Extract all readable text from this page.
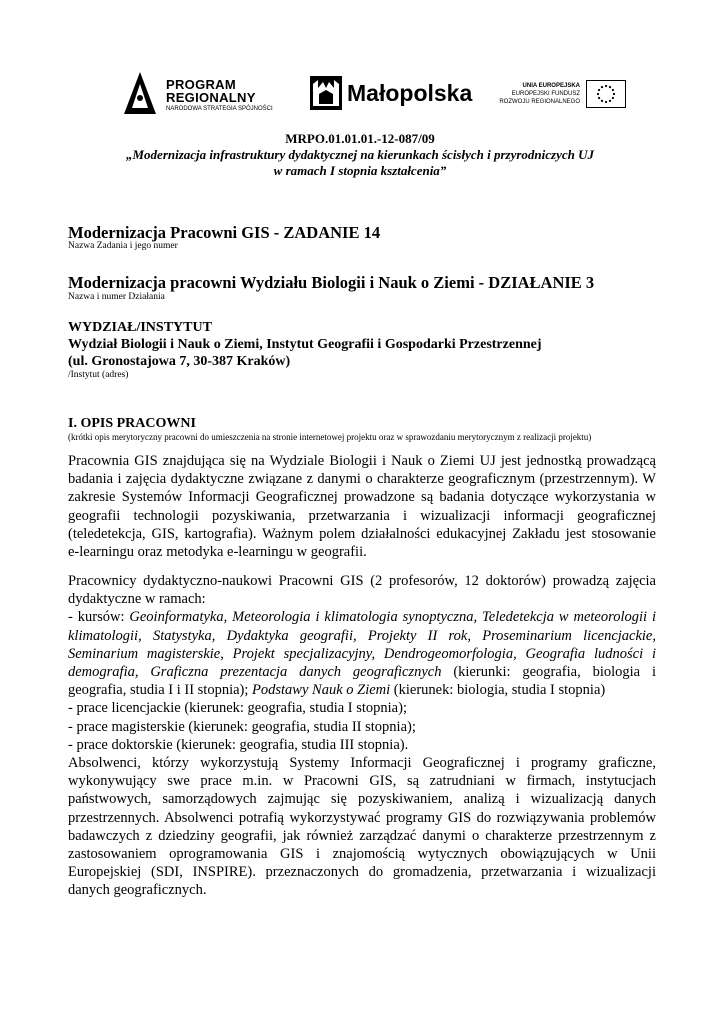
PROGRAM
REGIONALNY
NARODOWA STRATEGIA SPÓJNOŚCI
Małopolska	UNIA EUROPEJSKA
EUROPEJSKI FUNDUSZ
ROZWOJU REGIONALNEGO
MRPO.01.01.01.-12-087/09
„Modernizacja infrastruktury dydaktycznej na kierunkach ścisłych i przyrodniczych UJ
w ramach I stopnia kształcenia”
Modernizacja Pracowni GIS - ZADANIE 14
Nazwa Zadania i jego numer
Modernizacja pracowni Wydziału Biologii i Nauk o Ziemi - DZIAŁANIE 3
Nazwa i numer Działania
WYDZIAŁ/INSTYTUT
Wydział Biologii i Nauk o Ziemi, Instytut Geografii i Gospodarki Przestrzennej
(ul. Gronostajowa 7, 30-387 Kraków)
/Instytut (adres)
I. OPIS PRACOWNI
(krótki opis merytoryczny pracowni do umieszczenia na stronie internetowej projektu oraz w sprawozdaniu merytorycznym z realizacji projektu)
Pracownia GIS znajdująca się na Wydziale Biologii i Nauk o Ziemi UJ jest jednostką prowadzącą
badania i zajęcia dydaktyczne związane z danymi o charakterze geograficznym (przestrzennym). W
zakresie Systemów Informacji Geograficznej prowadzone są badania dotyczące wykorzystania w
geografii technologii pozyskiwania, przetwarzania i wizualizacji informacji geograficznej
(teledetekcja, GIS, kartografia). Ważnym polem działalności edukacyjnej Zakładu jest stosowanie
e-learningu oraz metodyka e-learningu w geografii.
Pracownicy dydaktyczno-naukowi Pracowni GIS (2 profesorów, 12 doktorów) prowadzą zajęcia
dydaktyczne w ramach:
- kursów: Geoinformatyka, Meteorologia i klimatologia synoptyczna, Teledetekcja w meteorologii i
klimatologii, Statystyka, Dydaktyka geografii, Projekty II rok, Proseminarium licencjackie,
Seminarium magisterskie, Projekt specjalizacyjny, Dendrogeomorfologia, Geografia ludności i
demografia, Graficzna prezentacja danych geograficznych (kierunki: geografia, biologia i
geografia, studia I i II stopnia); Podstawy Nauk o Ziemi (kierunek: biologia, studia I stopnia)
- prace licencjackie (kierunek: geografia, studia I stopnia);
- prace magisterskie (kierunek: geografia, studia II stopnia);
- prace doktorskie (kierunek: geografia, studia III stopnia).
Absolwenci, którzy wykorzystują Systemy Informacji Geograficznej i programy graficzne,
wykonywujący swe prace m.in. w Pracowni GIS, są zatrudniani w firmach, instytucjach
państwowych, samorządowych zajmując się pozyskiwaniem, analizą i wizualizacją danych
przestrzennych. Absolwenci potrafią wykorzystywać programy GIS do rozwiązywania problemów
badawczych z dziedziny geografii, jak również zarządzać danymi o charakterze przestrzennym z
zastosowaniem oprogramowania GIS i znajomością wytycznych obowiązujących w Unii
Europejskiej (SDI, INSPIRE). przeznaczonych do gromadzenia, przetwarzania i wizualizacji
danych geograficznych.
